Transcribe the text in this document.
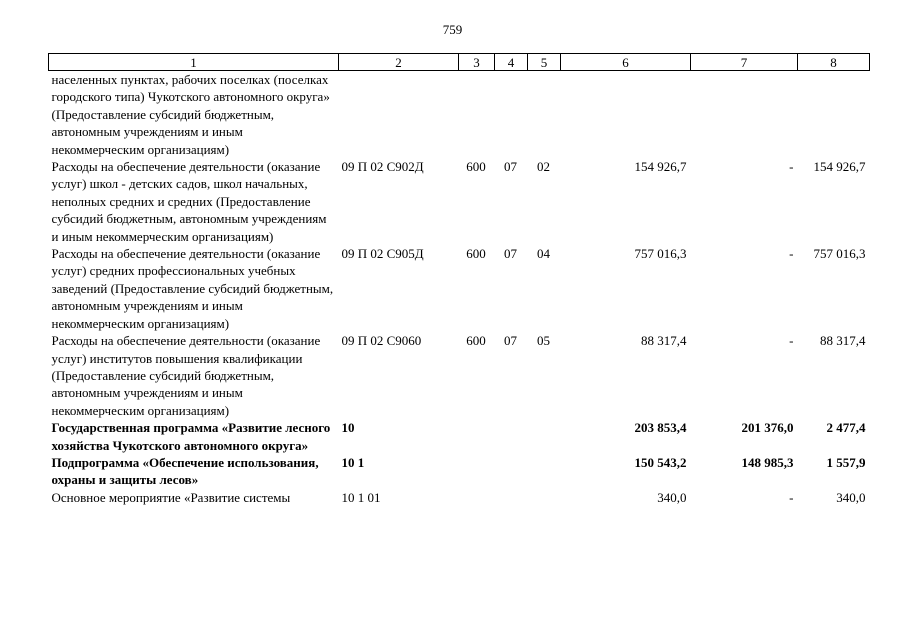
759
1	2	3	4	5	6	7	8
населенных пунктах, рабочих поселках (поселках городского типа) Чукотского автономного округа» (Предоставление субсидий бюджетным, автономным учреждениям и иным некоммерческим организациям)							
Расходы на обеспечение деятельности (оказание услуг) школ - детских садов, школ начальных, неполных средних и средних (Предоставление субсидий бюджетным, автономным учреждениям и иным некоммерческим организациям)	09 П 02 С902Д	600	07	02	154 926,7	-	154 926,7
Расходы на обеспечение деятельности (оказание услуг) средних профессиональных учебных заведений (Предоставление субсидий бюджетным, автономным учреждениям и иным некоммерческим организациям)	09 П 02 С905Д	600	07	04	757 016,3	-	757 016,3
Расходы на обеспечение деятельности (оказание услуг) институтов повышения квалификации (Предоставление субсидий бюджетным, автономным учреждениям и иным некоммерческим организациям)	09 П 02 С9060	600	07	05	88 317,4	-	88 317,4
Государственная программа «Развитие лесного хозяйства Чукотского автономного округа»	10				203 853,4	201 376,0	2 477,4
Подпрограмма «Обеспечение использования, охраны и защиты лесов»	10 1				150 543,2	148 985,3	1 557,9
Основное мероприятие «Развитие системы	10 1 01				340,0	-	340,0
